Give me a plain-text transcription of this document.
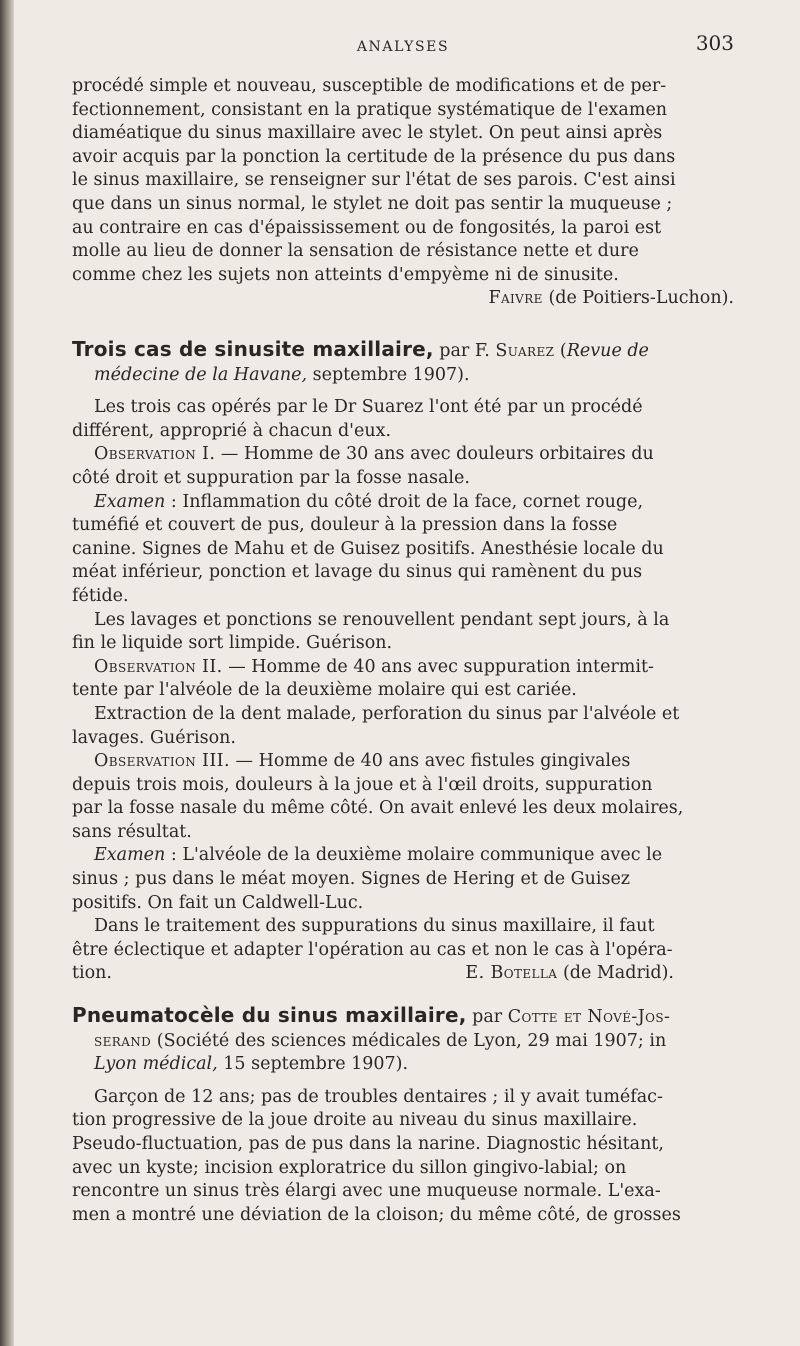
ANALYSES	303

procédé simple et nouveau, susceptible de modifications et de per-
fectionnement, consistant en la pratique systématique de l'examen
diaméatique du sinus maxillaire avec le stylet. On peut ainsi après
avoir acquis par la ponction la certitude de la présence du pus dans
le sinus maxillaire, se renseigner sur l'état de ses parois. C'est ainsi
que dans un sinus normal, le stylet ne doit pas sentir la muqueuse ;
au contraire en cas d'épaississement ou de fongosités, la paroi est
molle au lieu de donner la sensation de résistance nette et dure
comme chez les sujets non atteints d'empyème ni de sinusite.

Faivre (de Poitiers-Luchon).

Trois cas de sinusite maxillaire, par F. Suarez (Revue de
médecine de la Havane, septembre 1907).

Les trois cas opérés par le Dr Suarez l'ont été par un procédé
différent, approprié à chacun d'eux.

Observation I. — Homme de 30 ans avec douleurs orbitaires du
côté droit et suppuration par la fosse nasale.

Examen : Inflammation du côté droit de la face, cornet rouge,
tuméfié et couvert de pus, douleur à la pression dans la fosse
canine. Signes de Mahu et de Guisez positifs. Anesthésie locale du
méat inférieur, ponction et lavage du sinus qui ramènent du pus
fétide.

Les lavages et ponctions se renouvellent pendant sept jours, à la
fin le liquide sort limpide. Guérison.

Observation II. — Homme de 40 ans avec suppuration intermit-
tente par l'alvéole de la deuxième molaire qui est cariée.

Extraction de la dent malade, perforation du sinus par l'alvéole et
lavages. Guérison.

Observation III. — Homme de 40 ans avec fistules gingivales
depuis trois mois, douleurs à la joue et à l'œil droits, suppuration
par la fosse nasale du même côté. On avait enlevé les deux molaires,
sans résultat.

Examen : L'alvéole de la deuxième molaire communique avec le
sinus ; pus dans le méat moyen. Signes de Hering et de Guisez
positifs. On fait un Caldwell-Luc.

Dans le traitement des suppurations du sinus maxillaire, il faut
être éclectique et adapter l'opération au cas et non le cas à l'opéra-

tion.	E. Botella (de Madrid).

Pneumatocèle du sinus maxillaire, par Cotte et Nové-Jos-
serand (Société des sciences médicales de Lyon, 29 mai 1907; in
Lyon médical, 15 septembre 1907).

Garçon de 12 ans; pas de troubles dentaires ; il y avait tuméfac-
tion progressive de la joue droite au niveau du sinus maxillaire.
Pseudo-fluctuation, pas de pus dans la narine. Diagnostic hésitant,
avec un kyste; incision exploratrice du sillon gingivo-labial; on
rencontre un sinus très élargi avec une muqueuse normale. L'exa-
men a montré une déviation de la cloison; du même côté, de grosses
